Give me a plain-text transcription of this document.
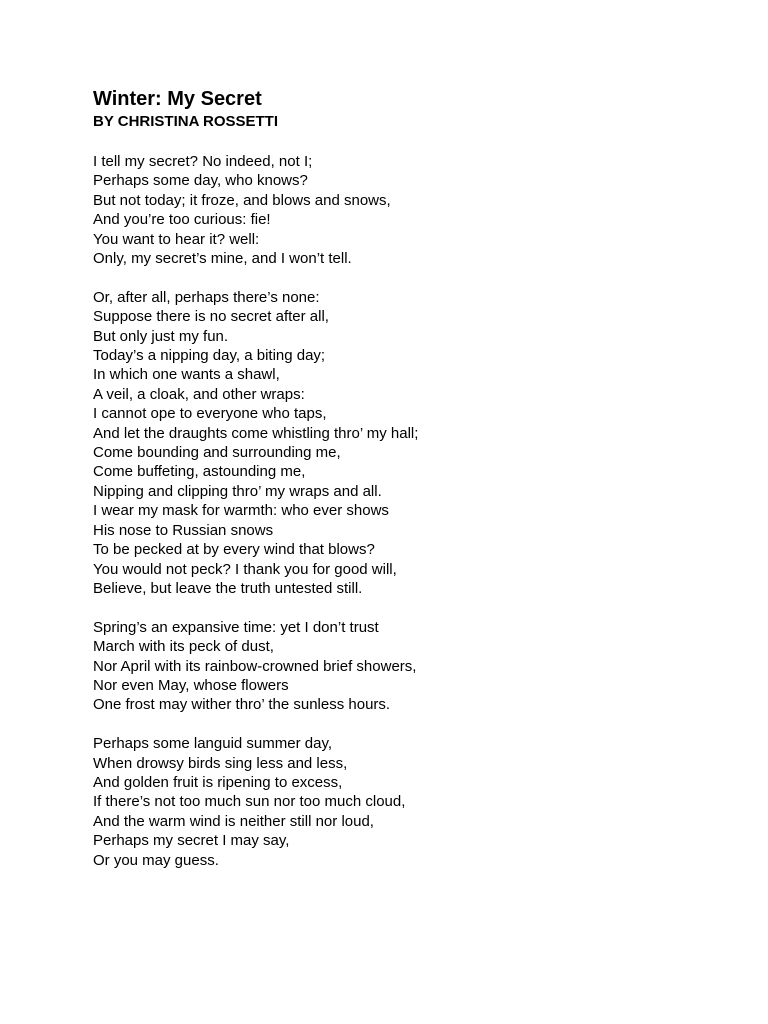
Winter: My Secret
BY CHRISTINA ROSSETTI
I tell my secret? No indeed, not I;
Perhaps some day, who knows?
But not today; it froze, and blows and snows,
And you’re too curious: fie!
You want to hear it? well:
Only, my secret’s mine, and I won’t tell.
Or, after all, perhaps there’s none:
Suppose there is no secret after all,
But only just my fun.
Today’s a nipping day, a biting day;
In which one wants a shawl,
A veil, a cloak, and other wraps:
I cannot ope to everyone who taps,
And let the draughts come whistling thro’ my hall;
Come bounding and surrounding me,
Come buffeting, astounding me,
Nipping and clipping thro’ my wraps and all.
I wear my mask for warmth: who ever shows
His nose to Russian snows
To be pecked at by every wind that blows?
You would not peck? I thank you for good will,
Believe, but leave the truth untested still.
Spring’s an expansive time: yet I don’t trust
March with its peck of dust,
Nor April with its rainbow-crowned brief showers,
Nor even May, whose flowers
One frost may wither thro’ the sunless hours.
Perhaps some languid summer day,
When drowsy birds sing less and less,
And golden fruit is ripening to excess,
If there’s not too much sun nor too much cloud,
And the warm wind is neither still nor loud,
Perhaps my secret I may say,
Or you may guess.
